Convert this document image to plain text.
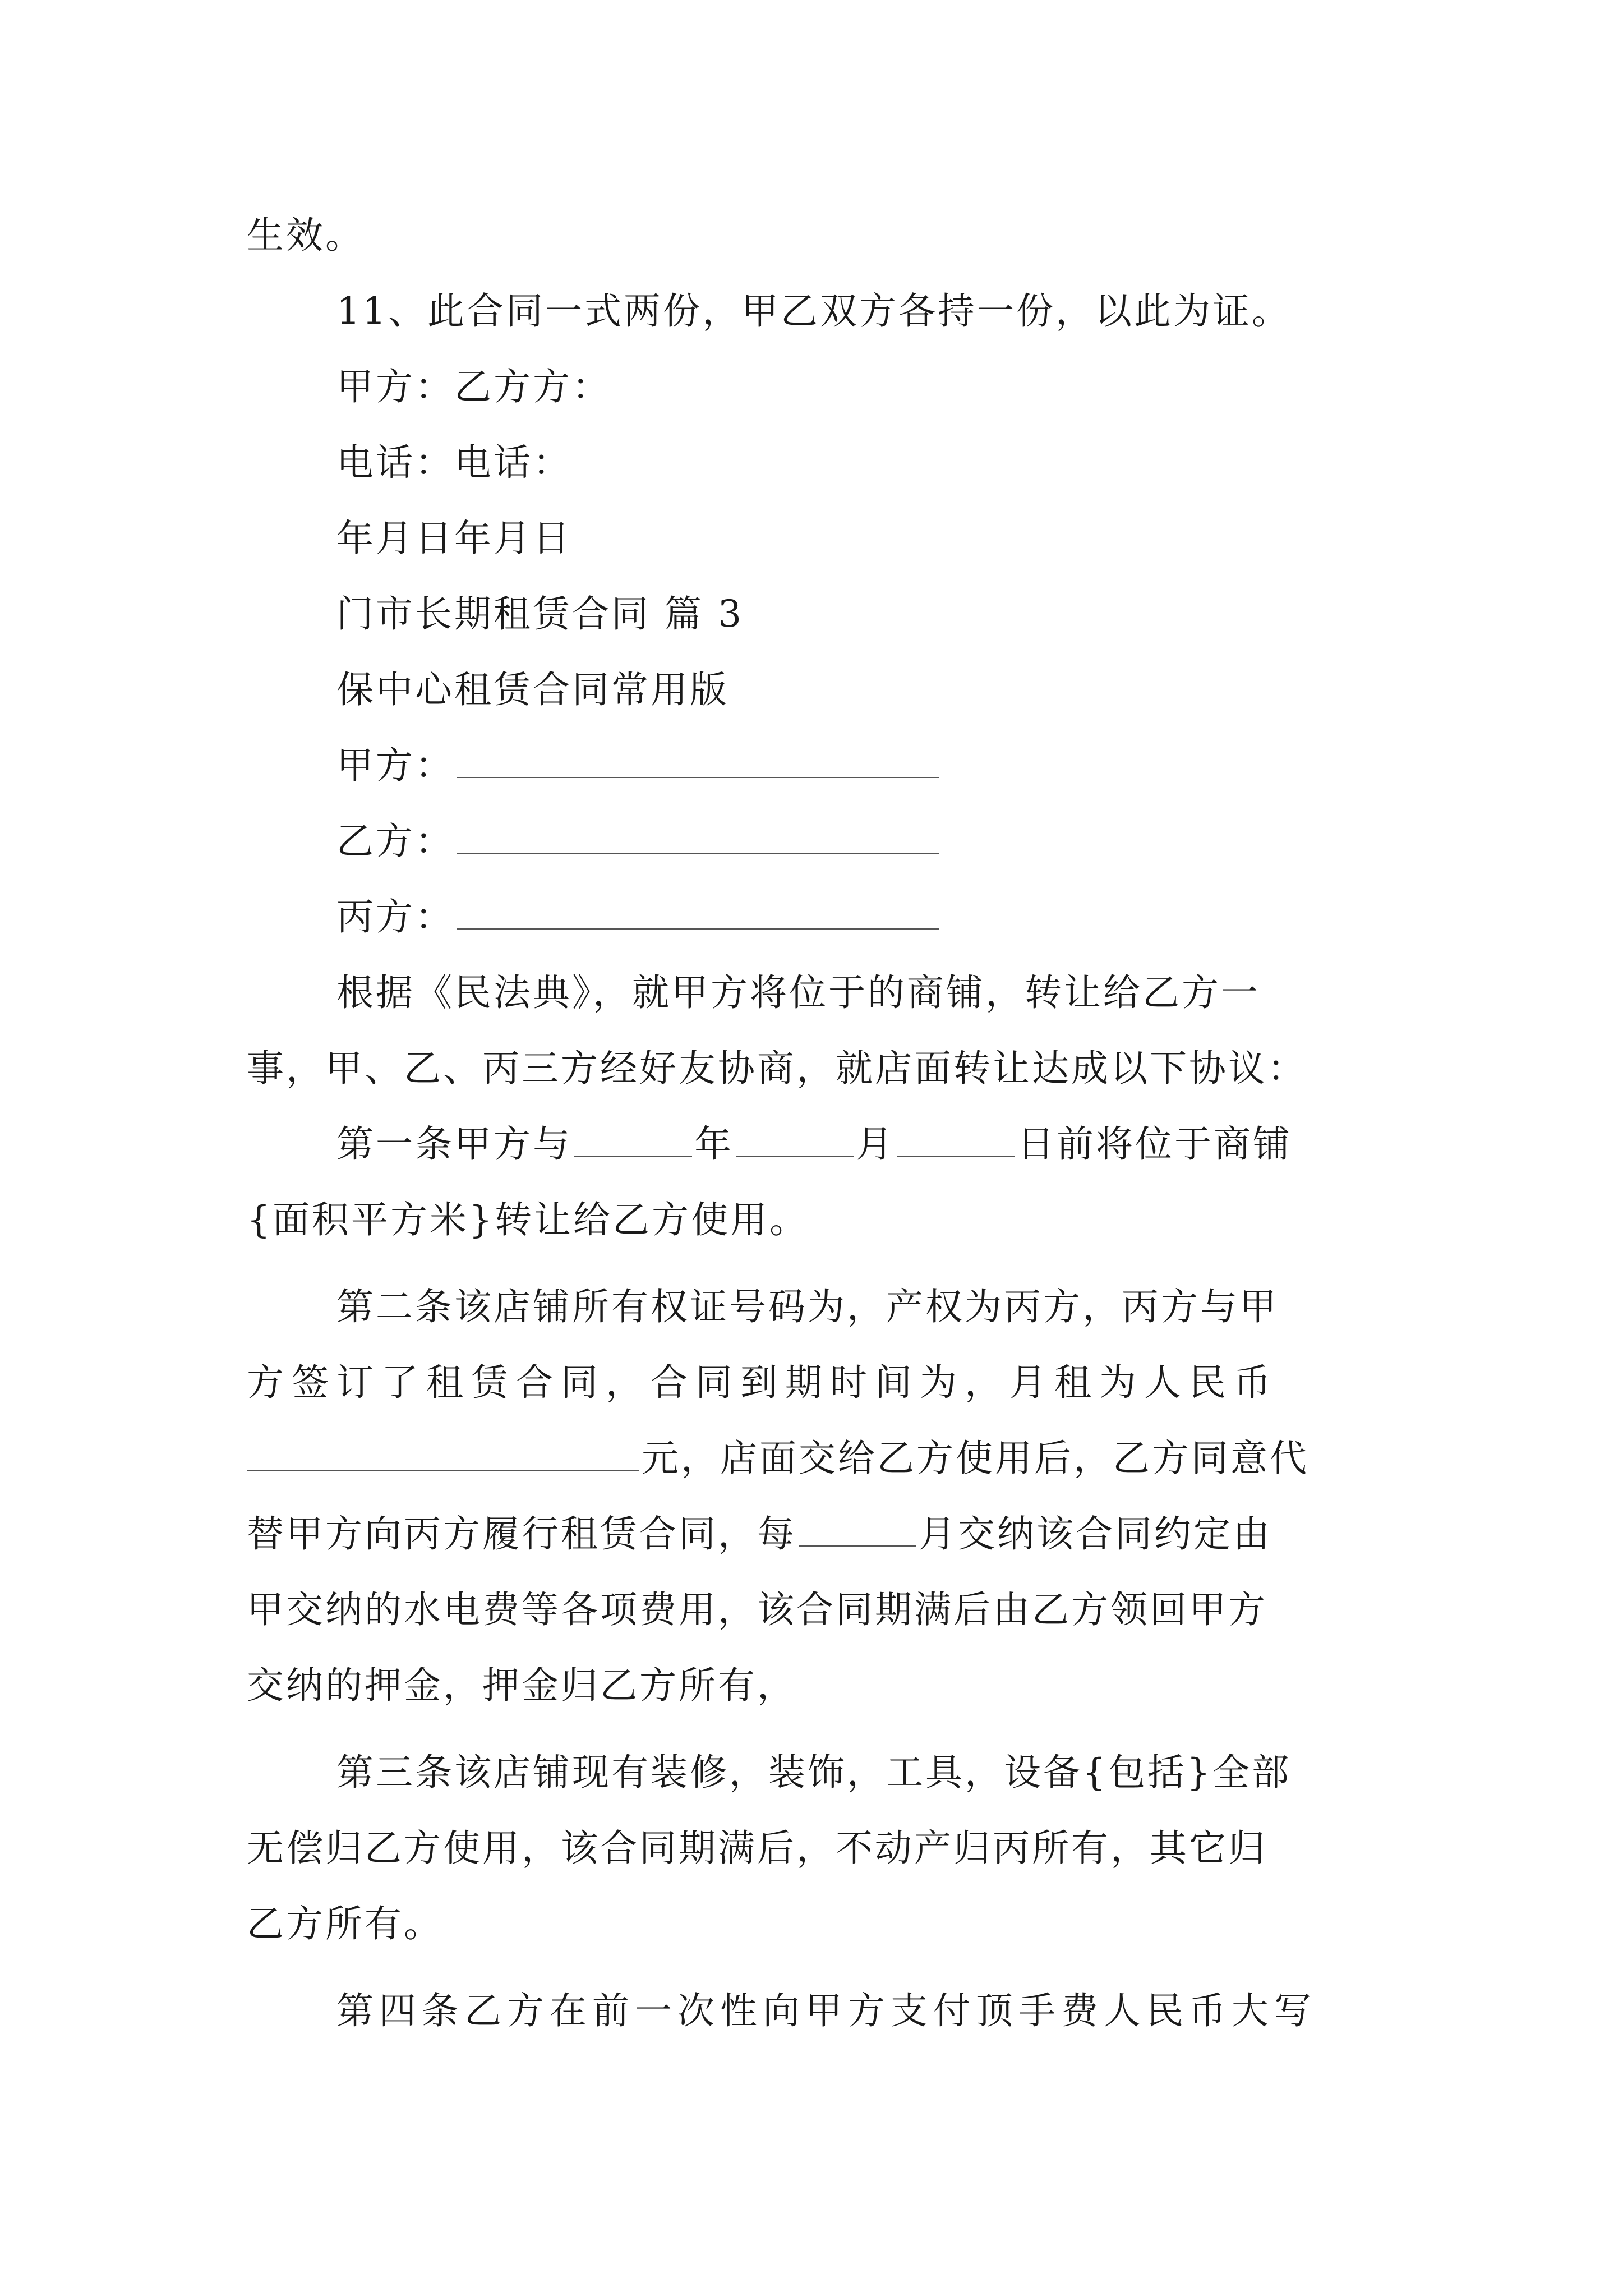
生效。
11、此合同一式两份，甲乙双方各持一份，以此为证。
甲方：乙方方：
电话：电话：
年月日年月日
门市长期租赁合同 篇 3
保中心租赁合同常用版
甲方：
乙方：
丙方：
根据《民法典》，就甲方将位于的商铺，转让给乙方一
事，甲、乙、丙三方经好友协商，就店面转让达成以下协议：
第一条甲方与	年	月	日前将位于商铺
{面积平方米}转让给乙方使用。
第二条该店铺所有权证号码为，产权为丙方，丙方与甲
方签订了租赁合同，合同到期时间为，月租为人民币
元，店面交给乙方使用后，乙方同意代
替甲方向丙方履行租赁合同，每	月交纳该合同约定由
甲交纳的水电费等各项费用，该合同期满后由乙方领回甲方
交纳的押金，押金归乙方所有，
第三条该店铺现有装修，装饰，工具，设备{包括}全部
无偿归乙方使用，该合同期满后，不动产归丙所有，其它归
乙方所有。
第四条乙方在前一次性向甲方支付顶手费人民币大写
